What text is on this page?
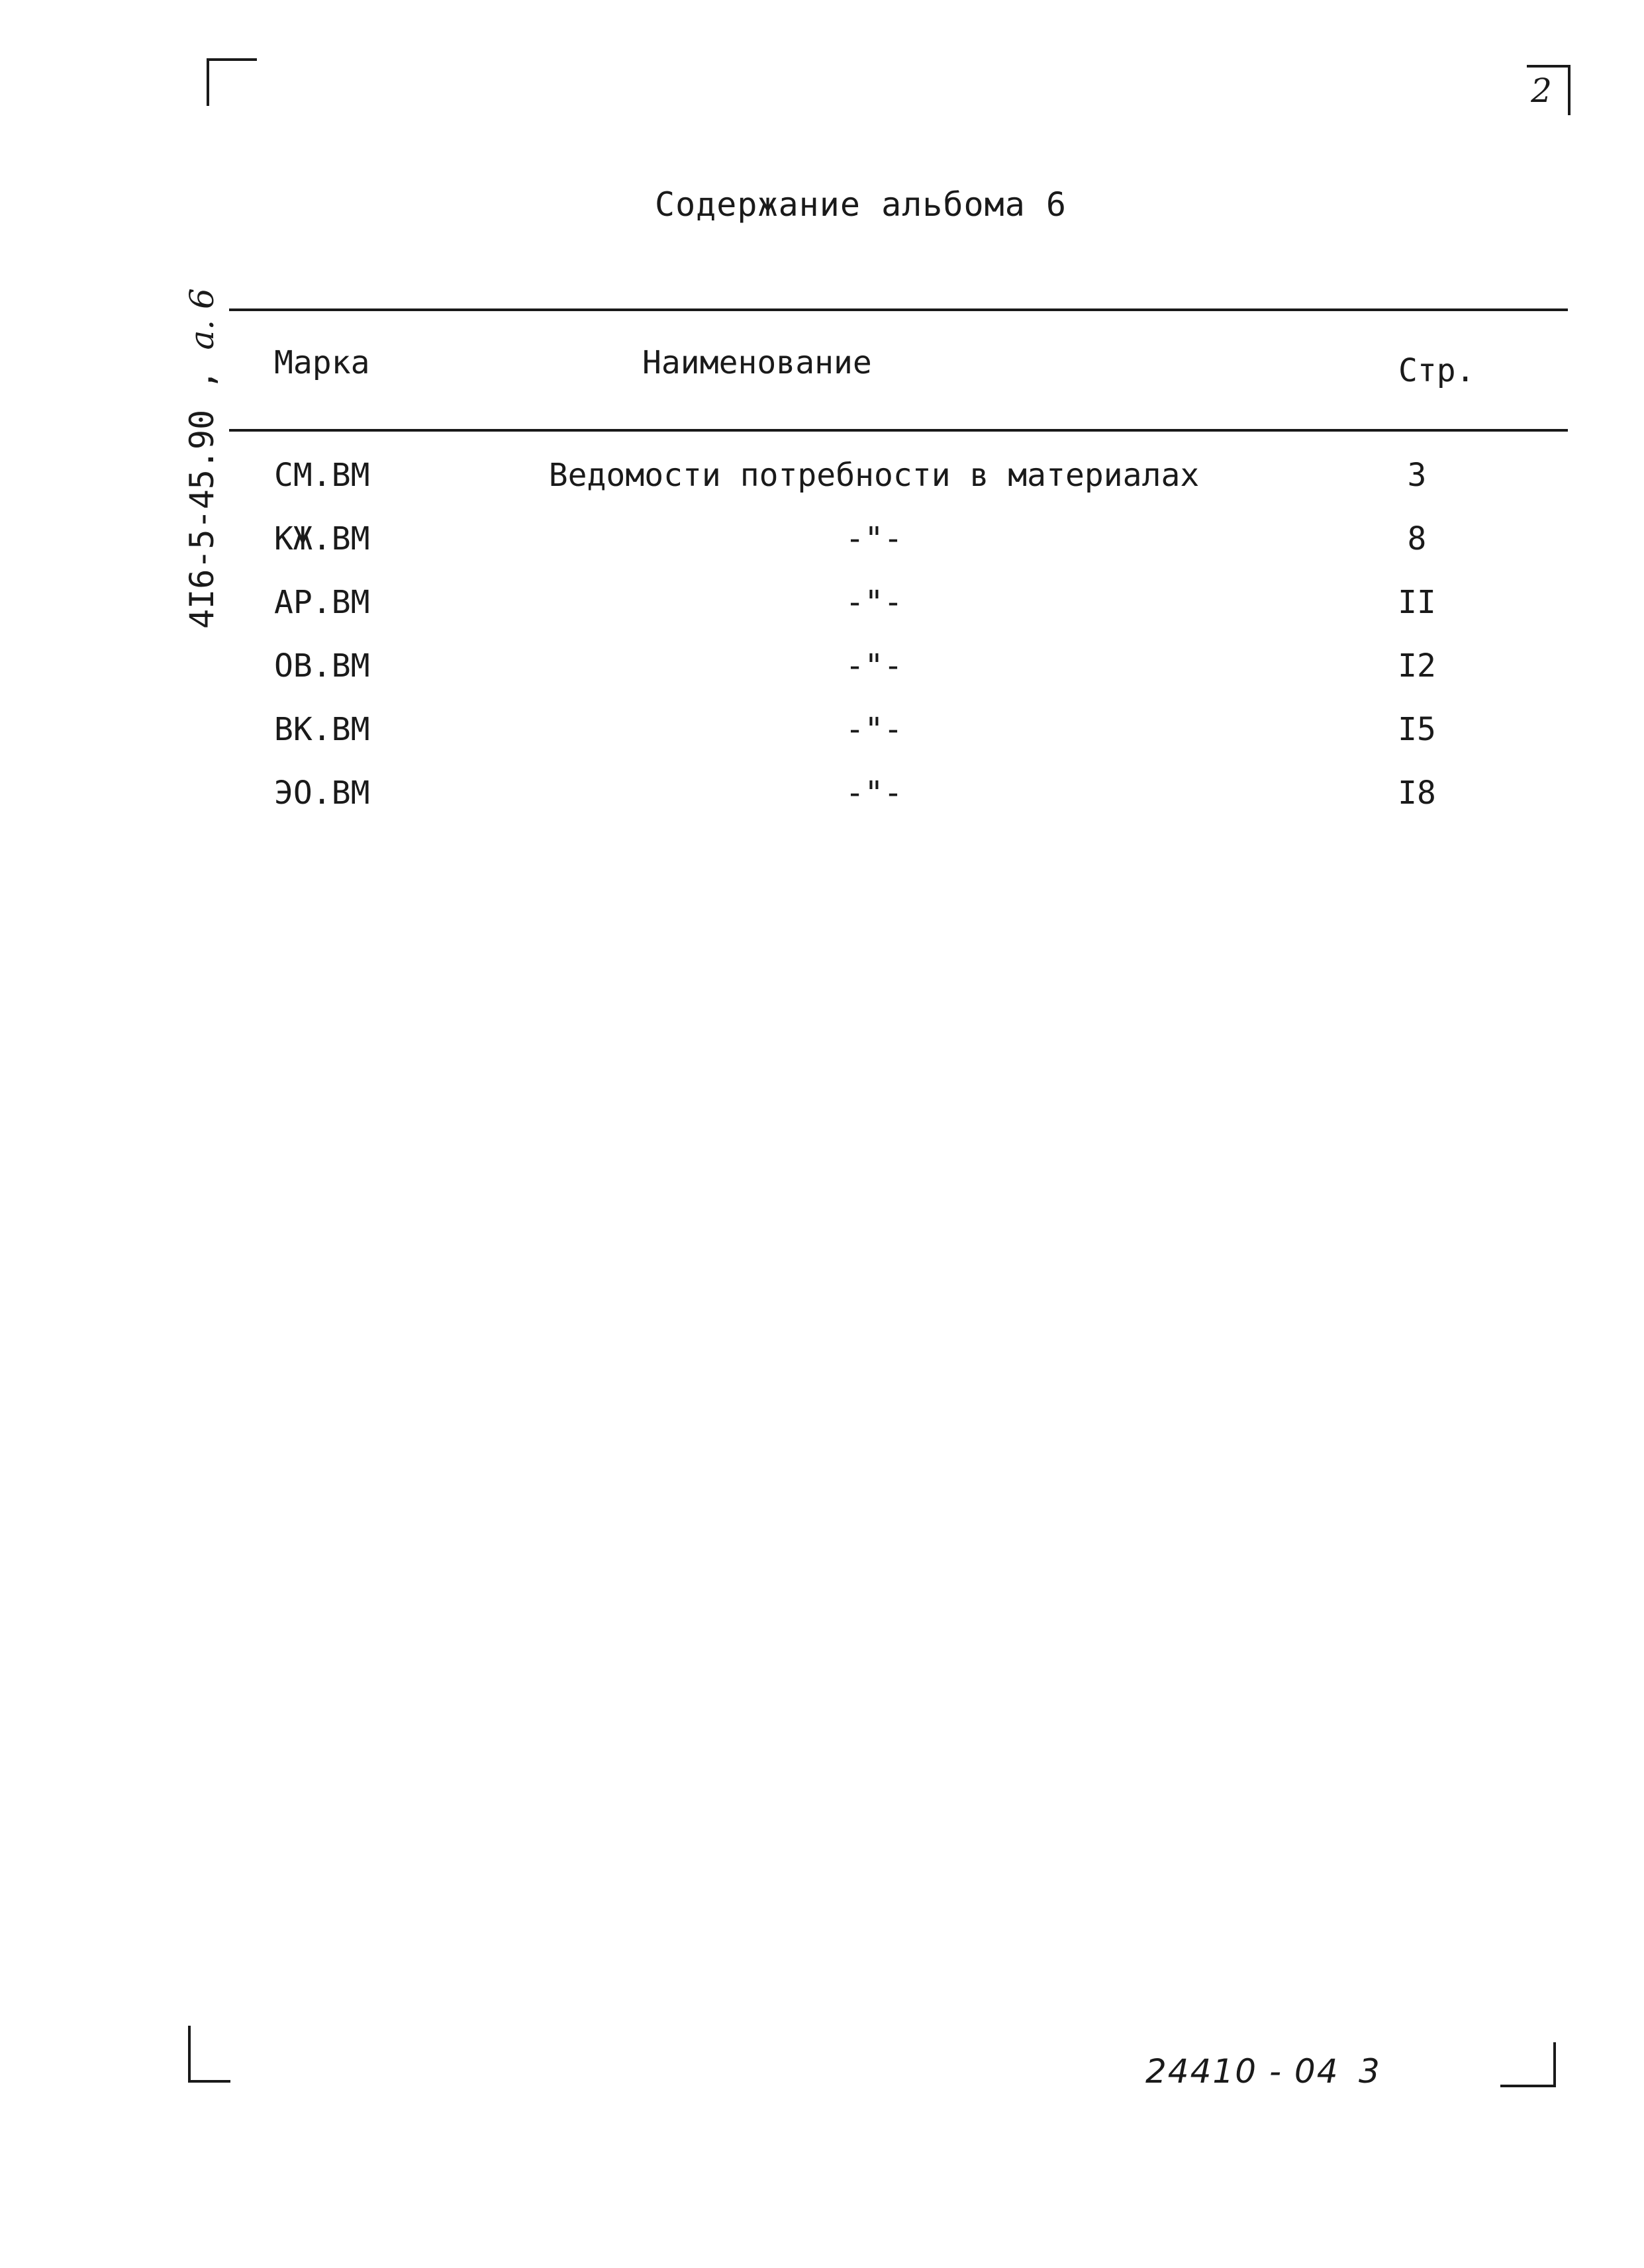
2
Содержание альбома 6
4I6-5-45.90 , a. 6
Марка	Наименование	Стр.
СМ.ВМ	Ведомости потребности в материалах	3
КЖ.ВМ	-"-	8
АР.ВМ	-"-	II
ОВ.ВМ	-"-	I2
ВК.ВМ	-"-	I5
ЭО.ВМ	-"-	I8
24410 - 04 3
